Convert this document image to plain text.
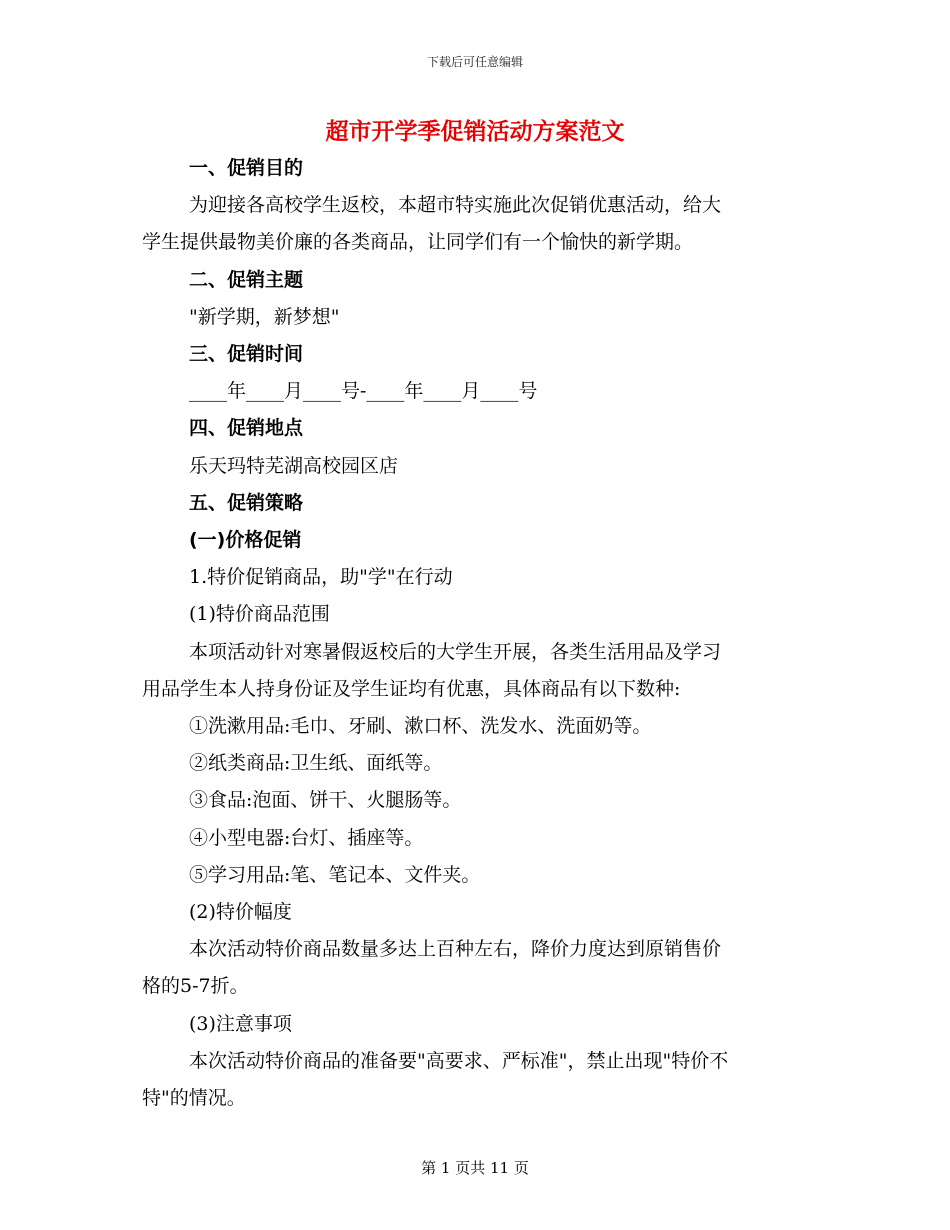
下载后可任意编辑
超市开学季促销活动方案范文

一、促销目的

为迎接各高校学生返校，本超市特实施此次促销优惠活动，给大

学生提供最物美价廉的各类商品，让同学们有一个愉快的新学期。

二、促销主题

"新学期，新梦想"

三、促销时间

____年____月____号-____年____月____号

四、促销地点

乐天玛特芜湖高校园区店

五、促销策略

(一)价格促销

1.特价促销商品，助"学"在行动

(1)特价商品范围

本项活动针对寒暑假返校后的大学生开展，各类生活用品及学习

用品学生本人持身份证及学生证均有优惠，具体商品有以下数种:

①洗漱用品:毛巾、牙刷、漱口杯、洗发水、洗面奶等。

②纸类商品:卫生纸、面纸等。

③食品:泡面、饼干、火腿肠等。

④小型电器:台灯、插座等。

⑤学习用品:笔、笔记本、文件夹。

(2)特价幅度

本次活动特价商品数量多达上百种左右，降价力度达到原销售价

格的5-7折。

(3)注意事项

本次活动特价商品的准备要"高要求、严标准"，禁止出现"特价不

特"的情况。

第 1 页共 11 页
